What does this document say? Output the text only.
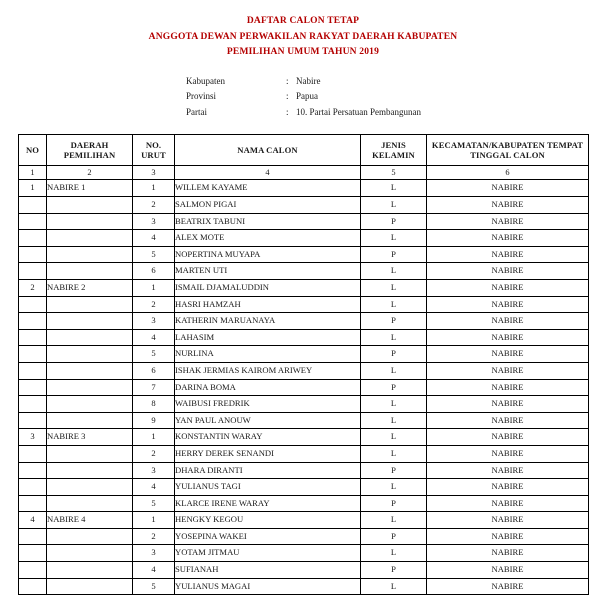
DAFTAR CALON TETAP
ANGGOTA DEWAN PERWAKILAN RAKYAT DAERAH KABUPATEN
PEMILIHAN UMUM TAHUN 2019
Kabupaten	: Nabire
Provinsi	: Papua
Partai	: 10. Partai Persatuan Pembangunan
NO	DAERAH PEMILIHAN	NO. URUT	NAMA CALON	JENIS KELAMIN	KECAMATAN/KABUPATEN TEMPAT TINGGAL CALON
1	2	3	4	5	6
1	NABIRE 1	1	WILLEM KAYAME	L	NABIRE
		2	SALMON PIGAI	L	NABIRE
		3	BEATRIX TABUNI	P	NABIRE
		4	ALEX MOTE	L	NABIRE
		5	NOPERTINA MUYAPA	P	NABIRE
		6	MARTEN UTI	L	NABIRE
2	NABIRE 2	1	ISMAIL DJAMALUDDIN	L	NABIRE
		2	HASRI HAMZAH	L	NABIRE
		3	KATHERIN MARUANAYA	P	NABIRE
		4	LAHASIM	L	NABIRE
		5	NURLINA	P	NABIRE
		6	ISHAK JERMIAS KAIROM ARIWEY	L	NABIRE
		7	DARINA BOMA	P	NABIRE
		8	WAIBUSI FREDRIK	L	NABIRE
		9	YAN PAUL ANOUW	L	NABIRE
3	NABIRE 3	1	KONSTANTIN WARAY	L	NABIRE
		2	HERRY DEREK SENANDI	L	NABIRE
		3	DHARA DIRANTI	P	NABIRE
		4	YULIANUS TAGI	L	NABIRE
		5	KLARCE IRENE WARAY	P	NABIRE
4	NABIRE 4	1	HENGKY KEGOU	L	NABIRE
		2	YOSEPINA WAKEI	P	NABIRE
		3	YOTAM JITMAU	L	NABIRE
		4	SUFIANAH	P	NABIRE
		5	YULIANUS MAGAI	L	NABIRE
